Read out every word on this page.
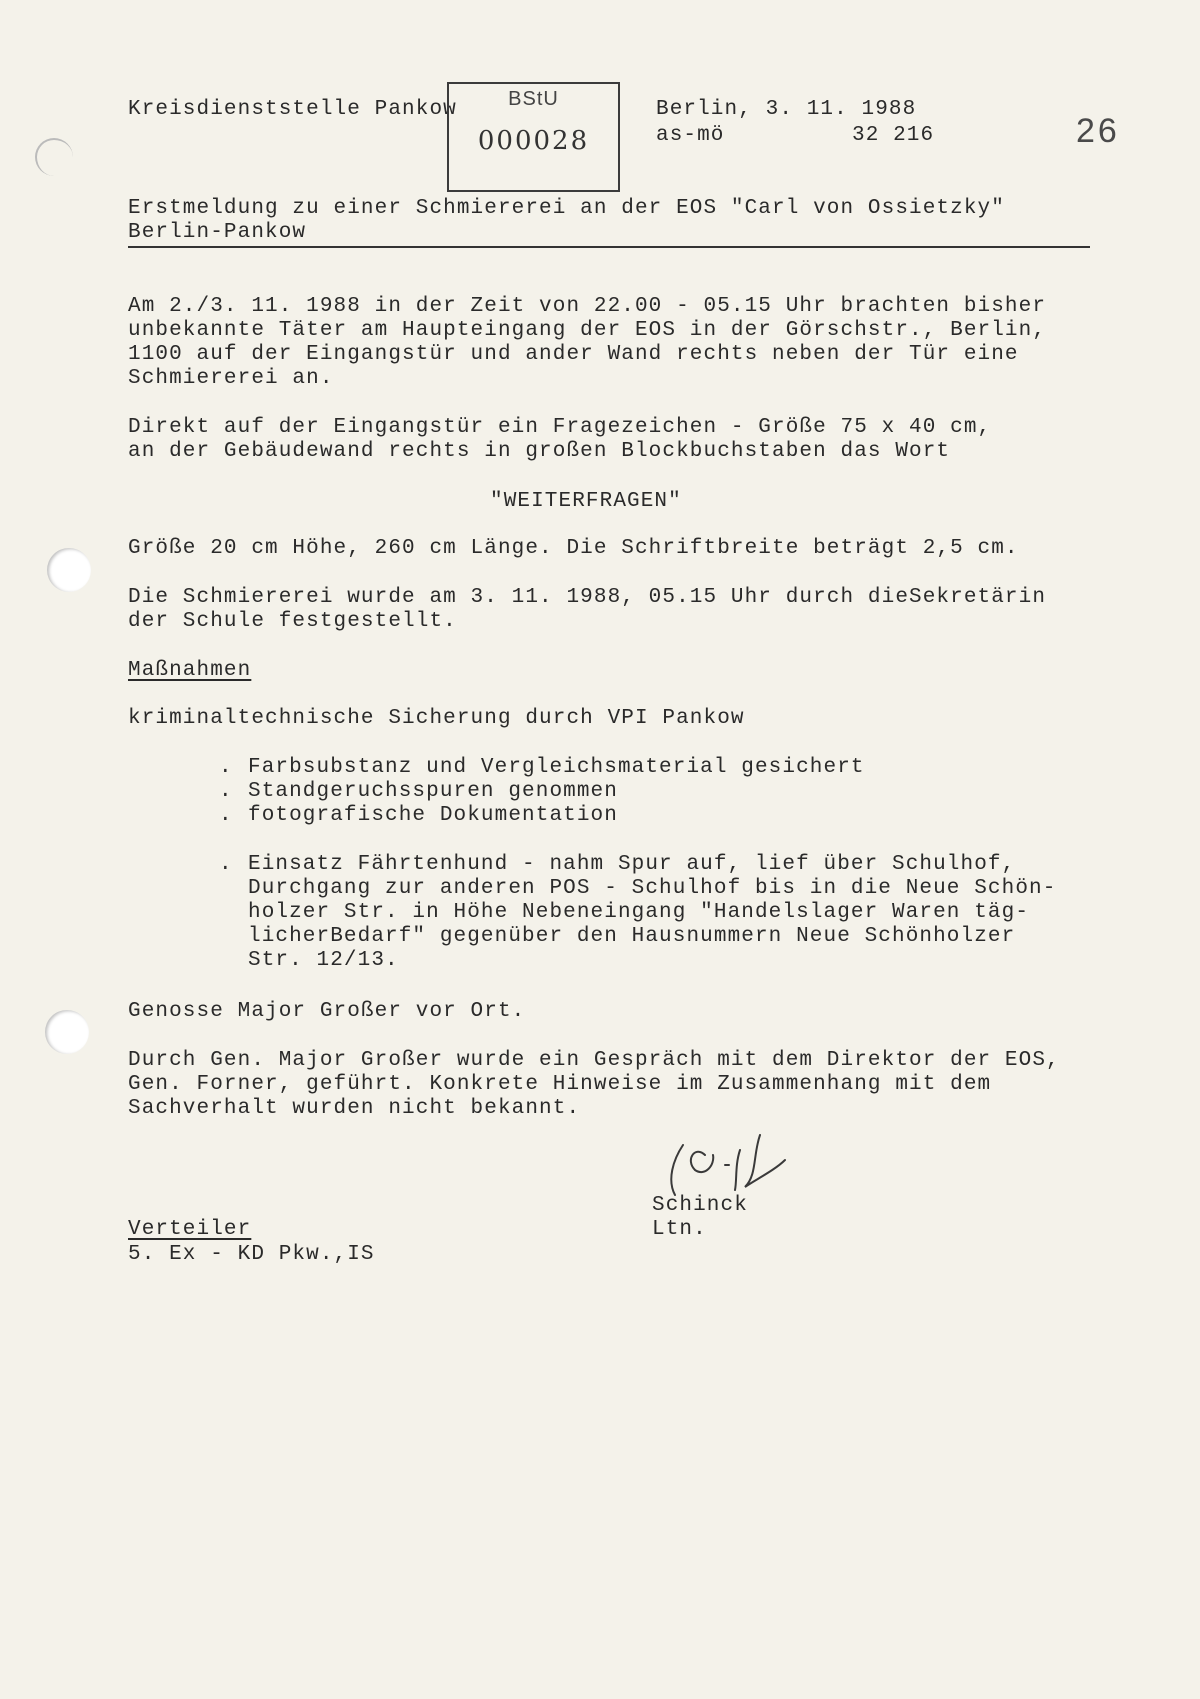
Kreisdienststelle Pankow	BStU
000028
Berlin, 3. 11. 1988
as-mö	32 216	26
Erstmeldung zu einer Schmiererei an der EOS "Carl von Ossietzky"
Berlin-Pankow
Am 2./3. 11. 1988 in der Zeit von 22.00 - 05.15 Uhr brachten bisher
unbekannte Täter am Haupteingang der EOS in der Görschstr., Berlin,
1100 auf der Eingangstür und ander Wand rechts neben der Tür eine
Schmiererei an.
Direkt auf der Eingangstür ein Fragezeichen - Größe 75 x 40 cm,
an der Gebäudewand rechts in großen Blockbuchstaben das Wort
"WEITERFRAGEN"
Größe 20 cm Höhe, 260 cm Länge. Die Schriftbreite beträgt 2,5 cm.
Die Schmiererei wurde am 3. 11. 1988, 05.15 Uhr durch dieSekretärin
der Schule festgestellt.
Maßnahmen
kriminaltechnische Sicherung durch VPI Pankow
. Farbsubstanz und Vergleichsmaterial gesichert
. Standgeruchsspuren genommen
. fotografische Dokumentation
. Einsatz Fährtenhund - nahm Spur auf, lief über Schulhof,
Durchgang zur anderen POS - Schulhof bis in die Neue Schön-
holzer Str. in Höhe Nebeneingang "Handelslager Waren täg-
licherBedarf" gegenüber den Hausnummern Neue Schönholzer
Str. 12/13.
Genosse Major Großer vor Ort.
Durch Gen. Major Großer wurde ein Gespräch mit dem Direktor der EOS,
Gen. Forner, geführt. Konkrete Hinweise im Zusammenhang mit dem
Sachverhalt wurden nicht bekannt.
Schinck
Ltn.
Verteiler
5. Ex - KD Pkw.,IS
